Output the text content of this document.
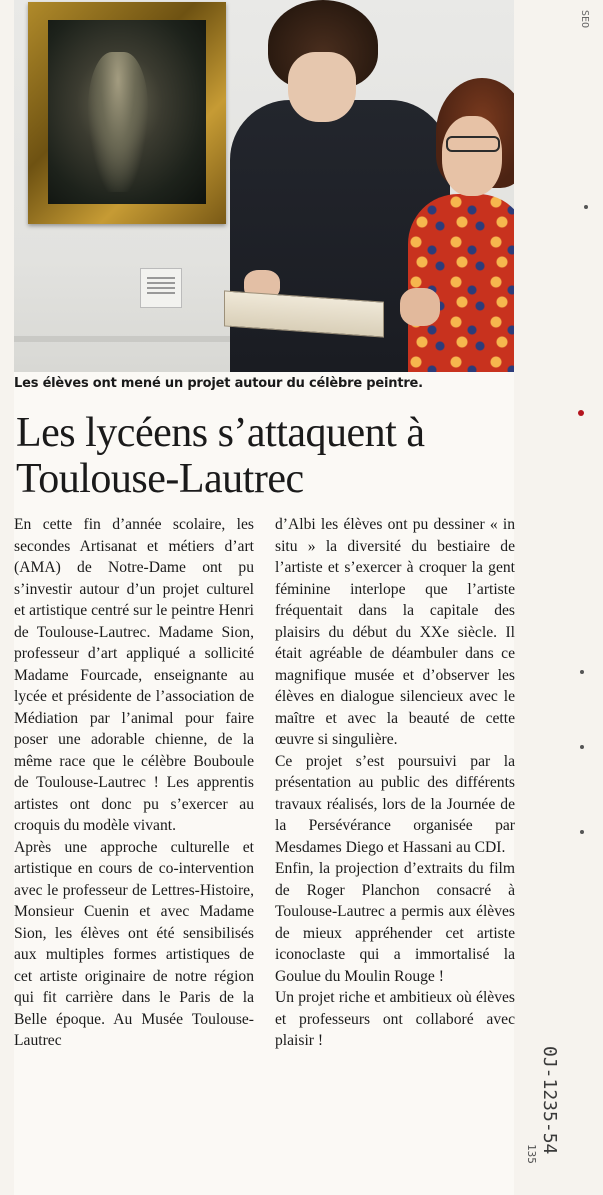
Les élèves ont mené un projet autour du célèbre peintre.
Les lycéens s’attaquent à Toulouse-Lautrec

En cette fin d’année scolaire, les secondes Artisanat et métiers d’art (AMA) de Notre-Dame ont pu s’investir autour d’un projet culturel et artistique centré sur le peintre Henri de Toulouse-Lautrec. Madame Sion, professeur d’art appliqué a sollicité Madame Fourcade, enseignante au lycée et présidente de l’association de Médiation par l’animal pour faire poser une adorable chienne, de la même race que le célèbre Bouboule de Toulouse-Lautrec ! Les apprentis artistes ont donc pu s’exercer au croquis du modèle vivant.

Après une approche culturelle et artistique en cours de co-intervention avec le professeur de Lettres-Histoire, Monsieur Cuenin et avec Madame Sion, les élèves ont été sensibilisés aux multiples formes artistiques de cet artiste originaire de notre région qui fit carrière dans le Paris de la Belle époque. Au Musée Toulouse-Lautrec

d’Albi les élèves ont pu dessiner « in situ » la diversité du bestiaire de l’artiste et s’exercer à croquer la gent féminine interlope que l’artiste fréquentait dans la capitale des plaisirs du début du XXe siècle. Il était agréable de déambuler dans ce magnifique musée et d’observer les élèves en dialogue silencieux avec le maître et avec la beauté de cette œuvre si singulière.

Ce projet s’est poursuivi par la présentation au public des différents travaux réalisés, lors de la Journée de la Persévérance organisée par Mesdames Diego et Hassani au CDI.

Enfin, la projection d’extraits du film de Roger Planchon consacré à Toulouse-Lautrec a permis aux élèves de mieux appréhender cet artiste iconoclaste qui a immortalisé la Goulue du Moulin Rouge !

Un projet riche et ambitieux où élèves et professeurs ont collaboré avec plaisir !

SEO
0J-1235-54
135
